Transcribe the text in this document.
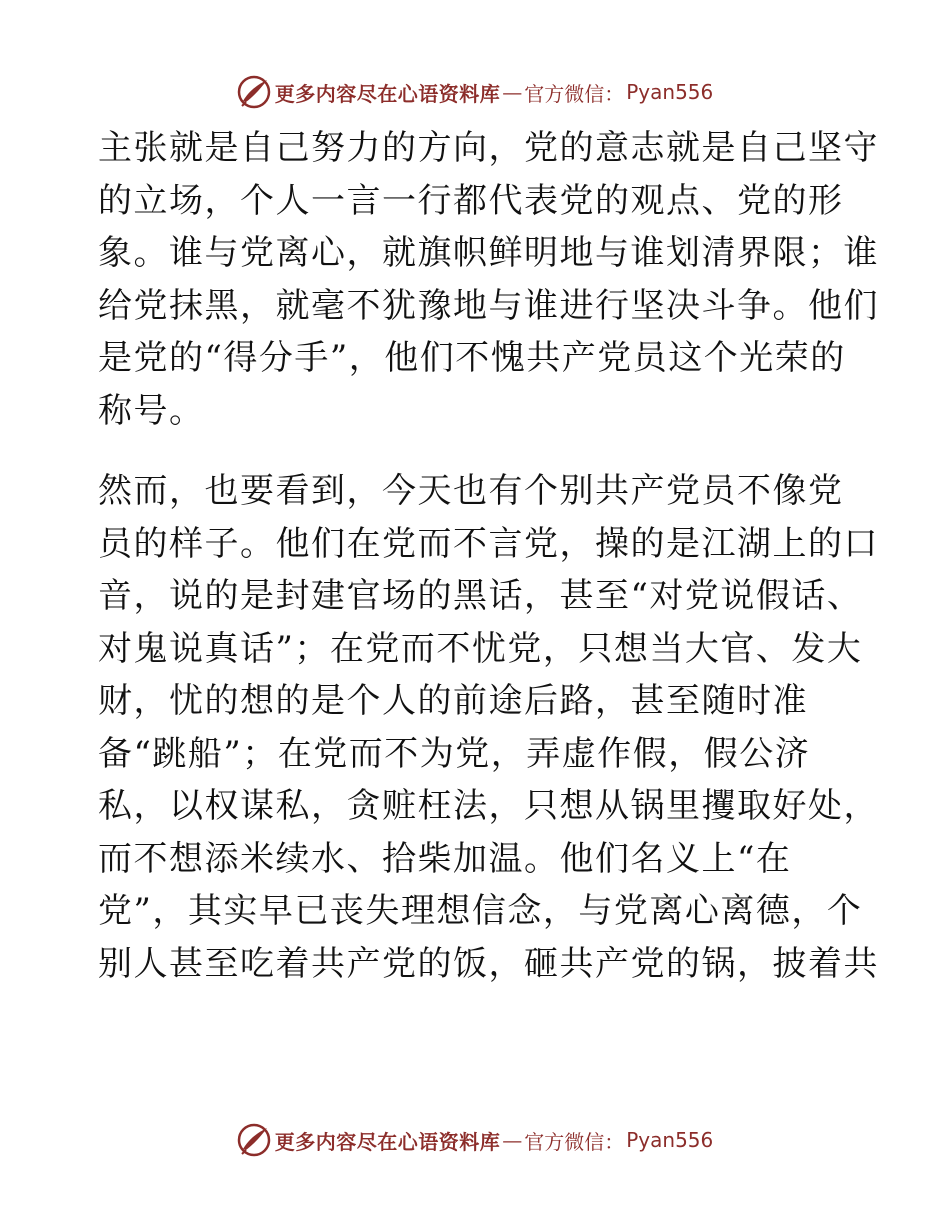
更多内容尽在心语资料库 — 官方微信： Pyan556
主张就是自己努力的方向，党的意志就是自己坚守
的立场，个人一言一行都代表党的观点、党的形
象。谁与党离心，就旗帜鲜明地与谁划清界限；谁
给党抹黑，就毫不犹豫地与谁进行坚决斗争。他们
是党的“得分手”，他们不愧共产党员这个光荣的
称号。
然而，也要看到，今天也有个别共产党员不像党
员的样子。他们在党而不言党，操的是江湖上的口
音，说的是封建官场的黑话，甚至“对党说假话、
对鬼说真话”；在党而不忧党，只想当大官、发大
财，忧的想的是个人的前途后路，甚至随时准
备“跳船”；在党而不为党，弄虚作假，假公济
私，以权谋私，贪赃枉法，只想从锅里攫取好处，
而不想添米续水、拾柴加温。他们名义上“在
党”，其实早已丧失理想信念，与党离心离德，个
别人甚至吃着共产党的饭，砸共产党的锅，披着共
更多内容尽在心语资料库 — 官方微信： Pyan556
